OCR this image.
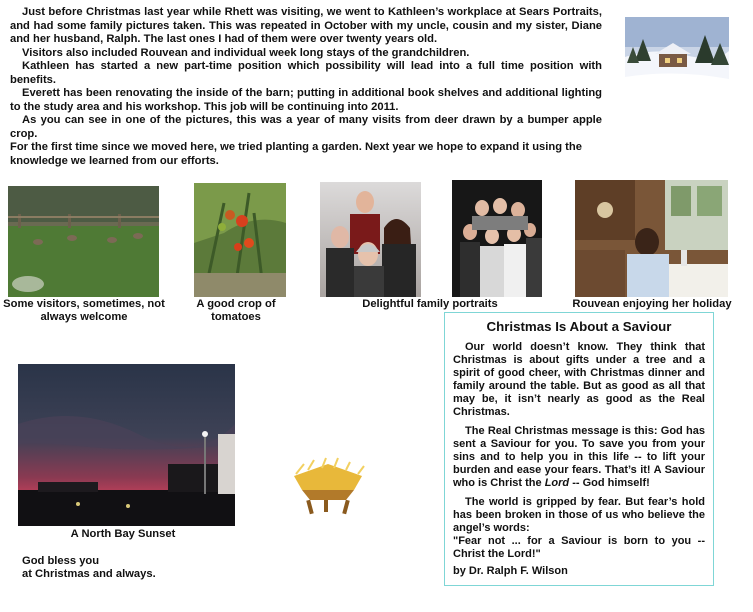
Just before Christmas last year while Rhett was visiting, we went to Kathleen’s workplace at Sears Portraits, and had some family pictures taken. This was repeated in October with my uncle, cousin and my sister, Diane and her husband, Ralph. The last ones I had of them were over twenty years old.

Visitors also included Rouvean and individual week long stays of the grandchildren.

Kathleen has started a new part-time position which possibility will lead into a full time position with benefits.

Everett has been renovating the inside of the barn; putting in additional book shelves and additional lighting to the study area and his workshop. This job will be continuing into 2011.

As you can see in one of the pictures, this was a year of many visits from deer drawn by a bumper apple crop.

For the first time since we moved here, we tried planting a garden. Next year we hope to expand it using the knowledge we learned from our efforts.

Some visitors, sometimes, not always welcome
A good crop of tomatoes
Delightful family portraits	Rouvean enjoying her holiday
A North Bay Sunset
Christmas Is About a Saviour

Our world doesn’t know. They think that Christmas is about gifts under a tree and a spirit of good cheer, with Christmas dinner and family around the table. But as good as all that may be, it isn’t nearly as good as the Real Christmas.

The Real Christmas message is this: God has sent a Saviour for you. To save you from your sins and to help you in this life -- to lift your burden and ease your fears. That’s it! A Saviour who is Christ the Lord -- God himself!

The world is gripped by fear. But fear’s hold has been broken in those of us who believe the angel’s words:

"Fear not ... for a Saviour is born to you -- Christ the Lord!"

by Dr. Ralph F. Wilson

God bless you
at Christmas and always.
